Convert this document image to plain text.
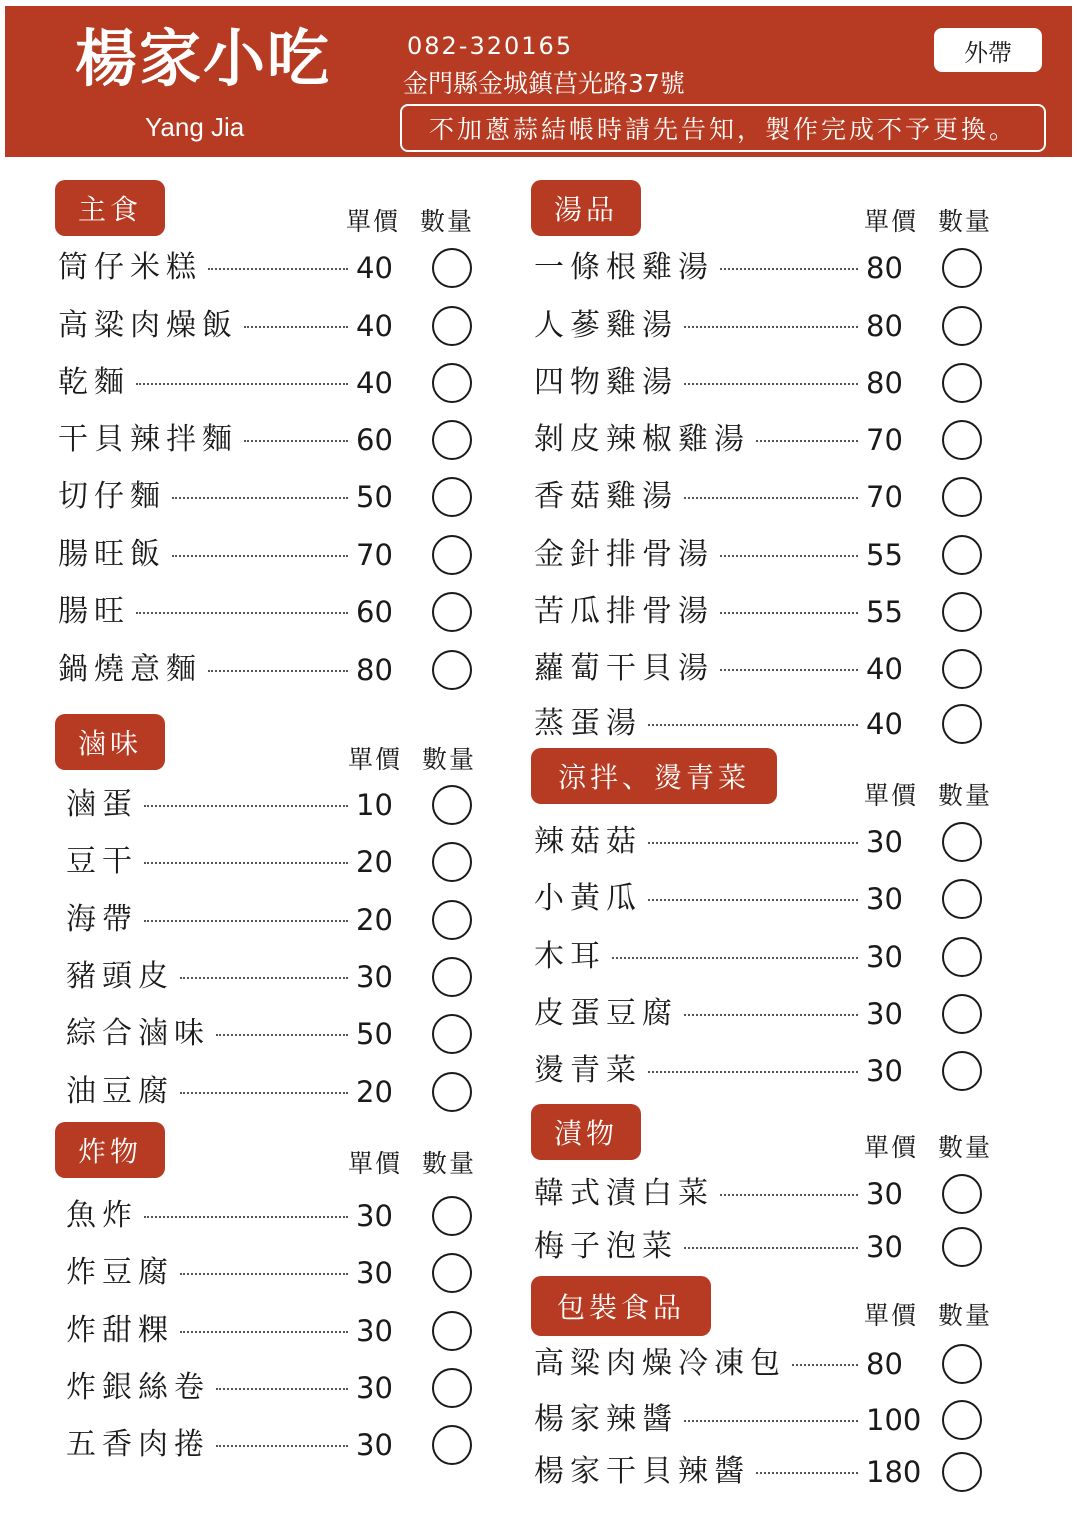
楊家小吃
Yang Jia
082-320165
金門縣金城鎮莒光路37號
不加蔥蒜結帳時請先告知，製作完成不予更換。
外帶
主食	單價 數量
筒仔米糕	40
高粱肉燥飯	40
乾麵	40
干貝辣拌麵	60
切仔麵	50
腸旺飯	70
腸旺	60
鍋燒意麵	80
滷味	單價 數量
滷蛋	10
豆干	20
海帶	20
豬頭皮	30
綜合滷味	50
油豆腐	20
炸物	單價 數量
魚炸	30
炸豆腐	30
炸甜粿	30
炸銀絲卷	30
五香肉捲	30
湯品	單價 數量
一條根雞湯	80
人蔘雞湯	80
四物雞湯	80
剝皮辣椒雞湯	70
香菇雞湯	70
金針排骨湯	55
苦瓜排骨湯	55
蘿蔔干貝湯	40
蒸蛋湯	40
涼拌、燙青菜
單價 數量
辣菇菇	30
小黃瓜	30
木耳	30
皮蛋豆腐	30
燙青菜	30
漬物	單價 數量
韓式漬白菜	30
梅子泡菜	30
包裝食品	單價 數量
高粱肉燥冷凍包	80
楊家辣醬	100
楊家干貝辣醬	180
